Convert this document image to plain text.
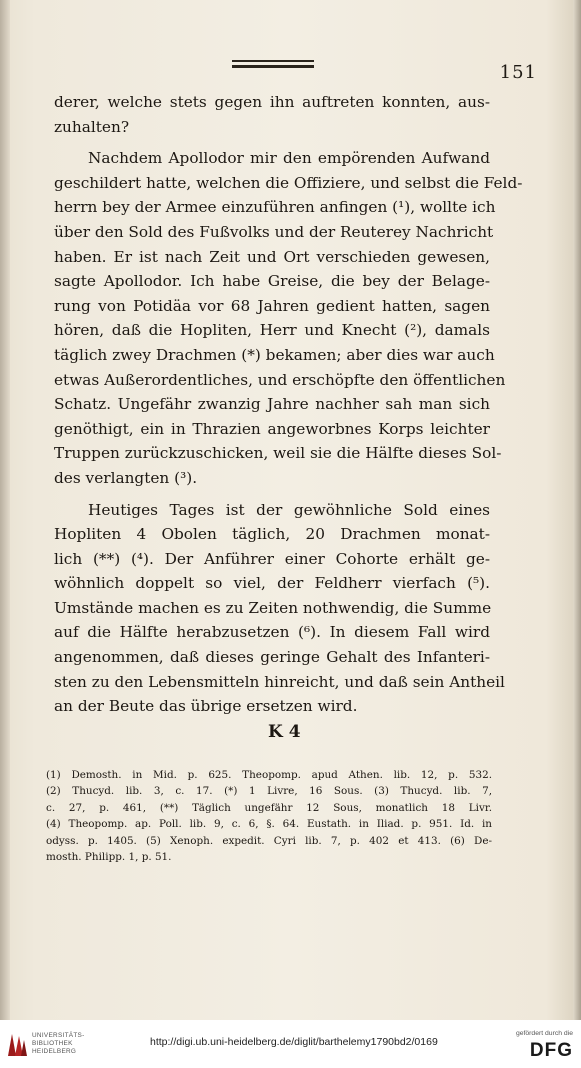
151
derer, welche stets gegen ihn auftreten konnten, aus-
zuhalten?
Nachdem Apollodor mir den empörenden Aufwand
geschildert hatte, welchen die Offiziere, und selbst die Feld-
herrn bey der Armee einzuführen anfingen (¹), wollte ich
über den Sold des Fußvolks und der Reuterey Nachricht
haben. Er ist nach Zeit und Ort verschieden gewesen,
sagte Apollodor. Ich habe Greise, die bey der Belage-
rung von Potidäa vor 68 Jahren gedient hatten, sagen
hören, daß die Hopliten, Herr und Knecht (²), damals
täglich zwey Drachmen (*) bekamen; aber dies war auch
etwas Außerordentliches, und erschöpfte den öffentlichen
Schatz. Ungefähr zwanzig Jahre nachher sah man sich
genöthigt, ein in Thrazien angeworbnes Korps leichter
Truppen zurückzuschicken, weil sie die Hälfte dieses Sol-
des verlangten (³).
Heutiges Tages ist der gewöhnliche Sold eines
Hopliten 4 Obolen täglich, 20 Drachmen monat-
lich (**) (⁴). Der Anführer einer Cohorte erhält ge-
wöhnlich doppelt so viel, der Feldherr vierfach (⁵).
Umstände machen es zu Zeiten nothwendig, die Summe
auf die Hälfte herabzusetzen (⁶). In diesem Fall wird
angenommen, daß dieses geringe Gehalt des Infanteri-
sten zu den Lebensmitteln hinreicht, und daß sein Antheil
an der Beute das übrige ersetzen wird.
K 4
(1) Demosth. in Mid. p. 625. Theopomp. apud Athen. lib. 12, p. 532.
(2) Thucyd. lib. 3, c. 17. (*) 1 Livre, 16 Sous. (3) Thucyd. lib. 7,
c. 27, p. 461, (**) Täglich ungefähr 12 Sous, monatlich 18 Livr.
(4) Theopomp. ap. Poll. lib. 9, c. 6, §. 64. Eustath. in Iliad. p. 951. Id. in
odyss. p. 1405. (5) Xenoph. expedit. Cyri lib. 7, p. 402 et 413. (6) De-
mosth. Philipp. 1, p. 51.
UNIVERSITÄTS-
BIBLIOTHEK
HEIDELBERG
http://digi.ub.uni-heidelberg.de/diglit/barthelemy1790bd2/0169
gefördert durch die
DFG
